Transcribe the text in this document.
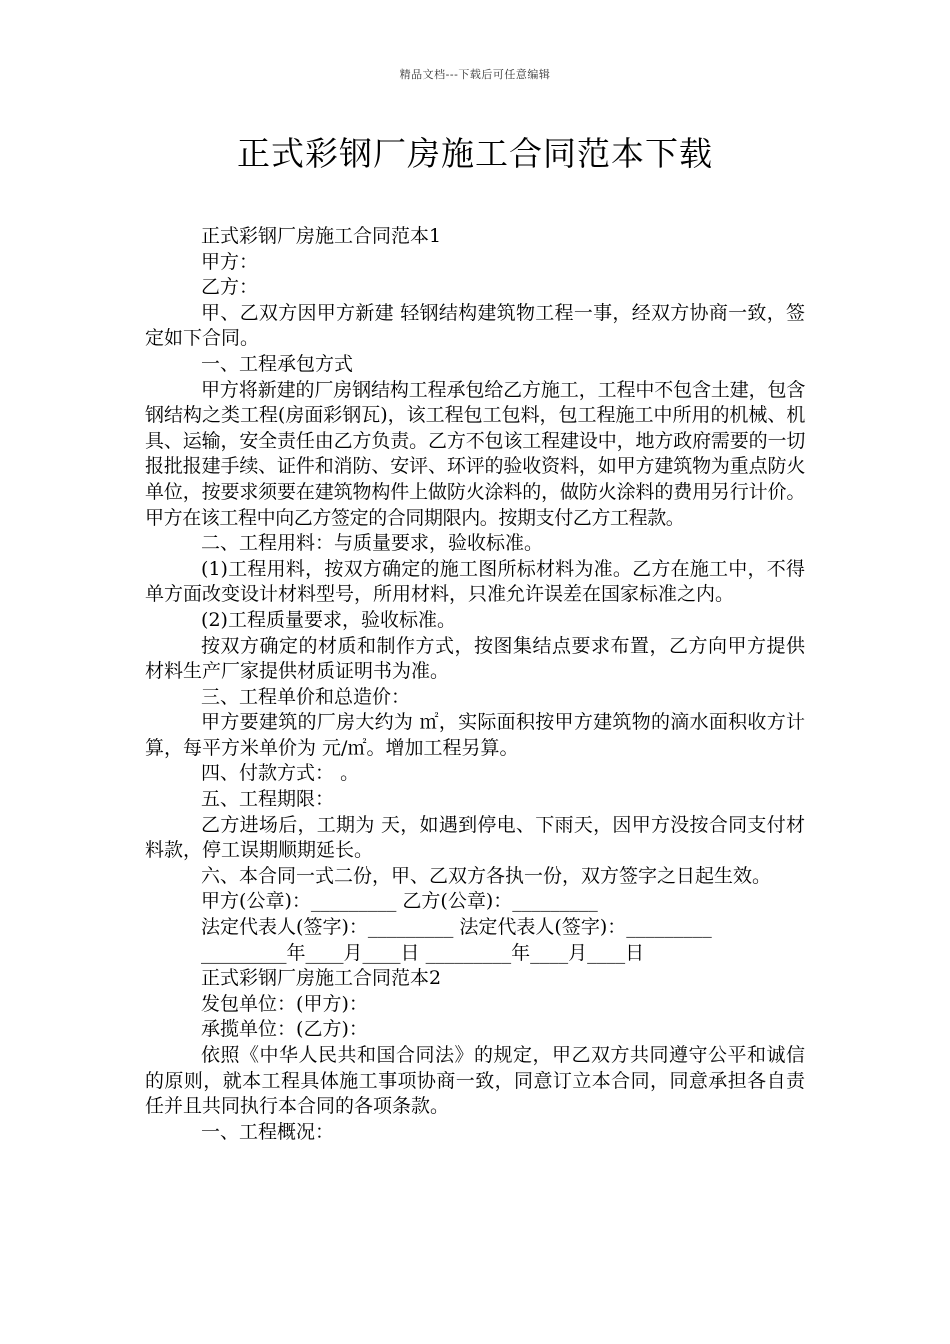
精品文档---下载后可任意编辑
正式彩钢厂房施工合同范本下载

正式彩钢厂房施工合同范本1

甲方：

乙方：

甲、乙双方因甲方新建 轻钢结构建筑物工程一事，经双方协商一致，签定如下合同。

一、工程承包方式

甲方将新建的厂房钢结构工程承包给乙方施工，工程中不包含土建，包含钢结构之类工程(房面彩钢瓦)，该工程包工包料，包工程施工中所用的机械、机具、运输，安全责任由乙方负责。乙方不包该工程建设中，地方政府需要的一切报批报建手续、证件和消防、安评、环评的验收资料，如甲方建筑物为重点防火单位，按要求须要在建筑物构件上做防火涂料的，做防火涂料的费用另行计价。甲方在该工程中向乙方签定的合同期限内。按期支付乙方工程款。

二、工程用料：与质量要求，验收标准。

(1)工程用料，按双方确定的施工图所标材料为准。乙方在施工中，不得单方面改变设计材料型号，所用材料，只准允许误差在国家标准之内。

(2)工程质量要求，验收标准。

按双方确定的材质和制作方式，按图集结点要求布置，乙方向甲方提供材料生产厂家提供材质证明书为准。

三、工程单价和总造价：

甲方要建筑的厂房大约为 ㎡，实际面积按甲方建筑物的滴水面积收方计算，每平方米单价为 元/㎡。增加工程另算。

四、付款方式： 。

五、工程期限：

乙方进场后，工期为 天，如遇到停电、下雨天，因甲方没按合同支付材料款，停工误期顺期延长。

六、本合同一式二份，甲、乙双方各执一份，双方签字之日起生效。

甲方(公章)：_________ 乙方(公章)：_________

法定代表人(签字)：_________ 法定代表人(签字)：_________

_________年____月____日 _________年____月____日

正式彩钢厂房施工合同范本2

发包单位：(甲方)：

承揽单位：(乙方)：

依照《中华人民共和国合同法》的规定，甲乙双方共同遵守公平和诚信的原则，就本工程具体施工事项协商一致，同意订立本合同，同意承担各自责任并且共同执行本合同的各项条款。

一、工程概况：
